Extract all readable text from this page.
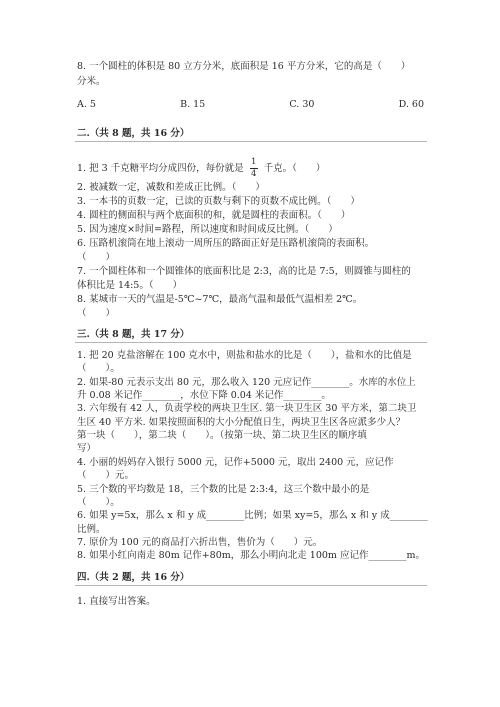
8. 一个圆柱的体积是 80 立方分米，底面积是 16 平方分米，它的高是（　　）
分米。
A. 5	B. 15	C. 30	D. 60
二.（共 8 题，共 16 分）
1. 把 3 千克糖平均分成四份，每份就是 $\frac{1}{4}$ 千克。（　　）
2. 被减数一定，减数和差成正比例。（　　）
3. 一本书的页数一定，已读的页数与剩下的页数不成比例。（　　）
4. 圆柱的侧面积与两个底面积的和，就是圆柱的表面积。（　　）
5. 因为速度×时间=路程，所以速度和时间成反比例。（　　）
6. 压路机滚筒在地上滚动一周所压的路面正好是压路机滚筒的表面积。
（　　）
7. 一个圆柱体和一个圆锥体的底面积比是 2:3，高的比是 7:5，则圆锥与圆柱的
体积比是 14:5。（　　）
8. 某城市一天的气温是-5℃~7℃，最高气温和最低气温相差 2℃。
（　　）
三.（共 8 题，共 17 分）
1. 把 20 克盐溶解在 100 克水中，则盐和盐水的比是（　　），盐和水的比值是
（　　）。
2. 如果-80 元表示支出 80 元，那么收入 120 元应记作________。水库的水位上
升 0.08 米记作________，水位下降 0.04 米记作________。
3. 六年级有 42 人，负责学校的两块卫生区. 第一块卫生区 30 平方米，第二块卫
生区 40 平方米. 如果按照面积的大小分配值日生，两块卫生区各应派多少人？
第一块（　　），第二块（　　）。（按第一块、第二块卫生区的顺序填
写）
4. 小丽的妈妈存入银行 5000 元，记作+5000 元，取出 2400 元，应记作
（　　）元。
5. 三个数的平均数是 18，三个数的比是 2:3:4，这三个数中最小的是
（　　）。
6. 如果 y=5x，那么 x 和 y 成________比例；如果 xy=5，那么 x 和 y 成________
比例。
7. 原价为 100 元的商品打六折出售，售价为（　　）元。
8. 如果小红向南走 80m 记作+80m，那么小明向北走 100m 应记作________m。
四.（共 2 题，共 16 分）
1. 直接写出答案。
